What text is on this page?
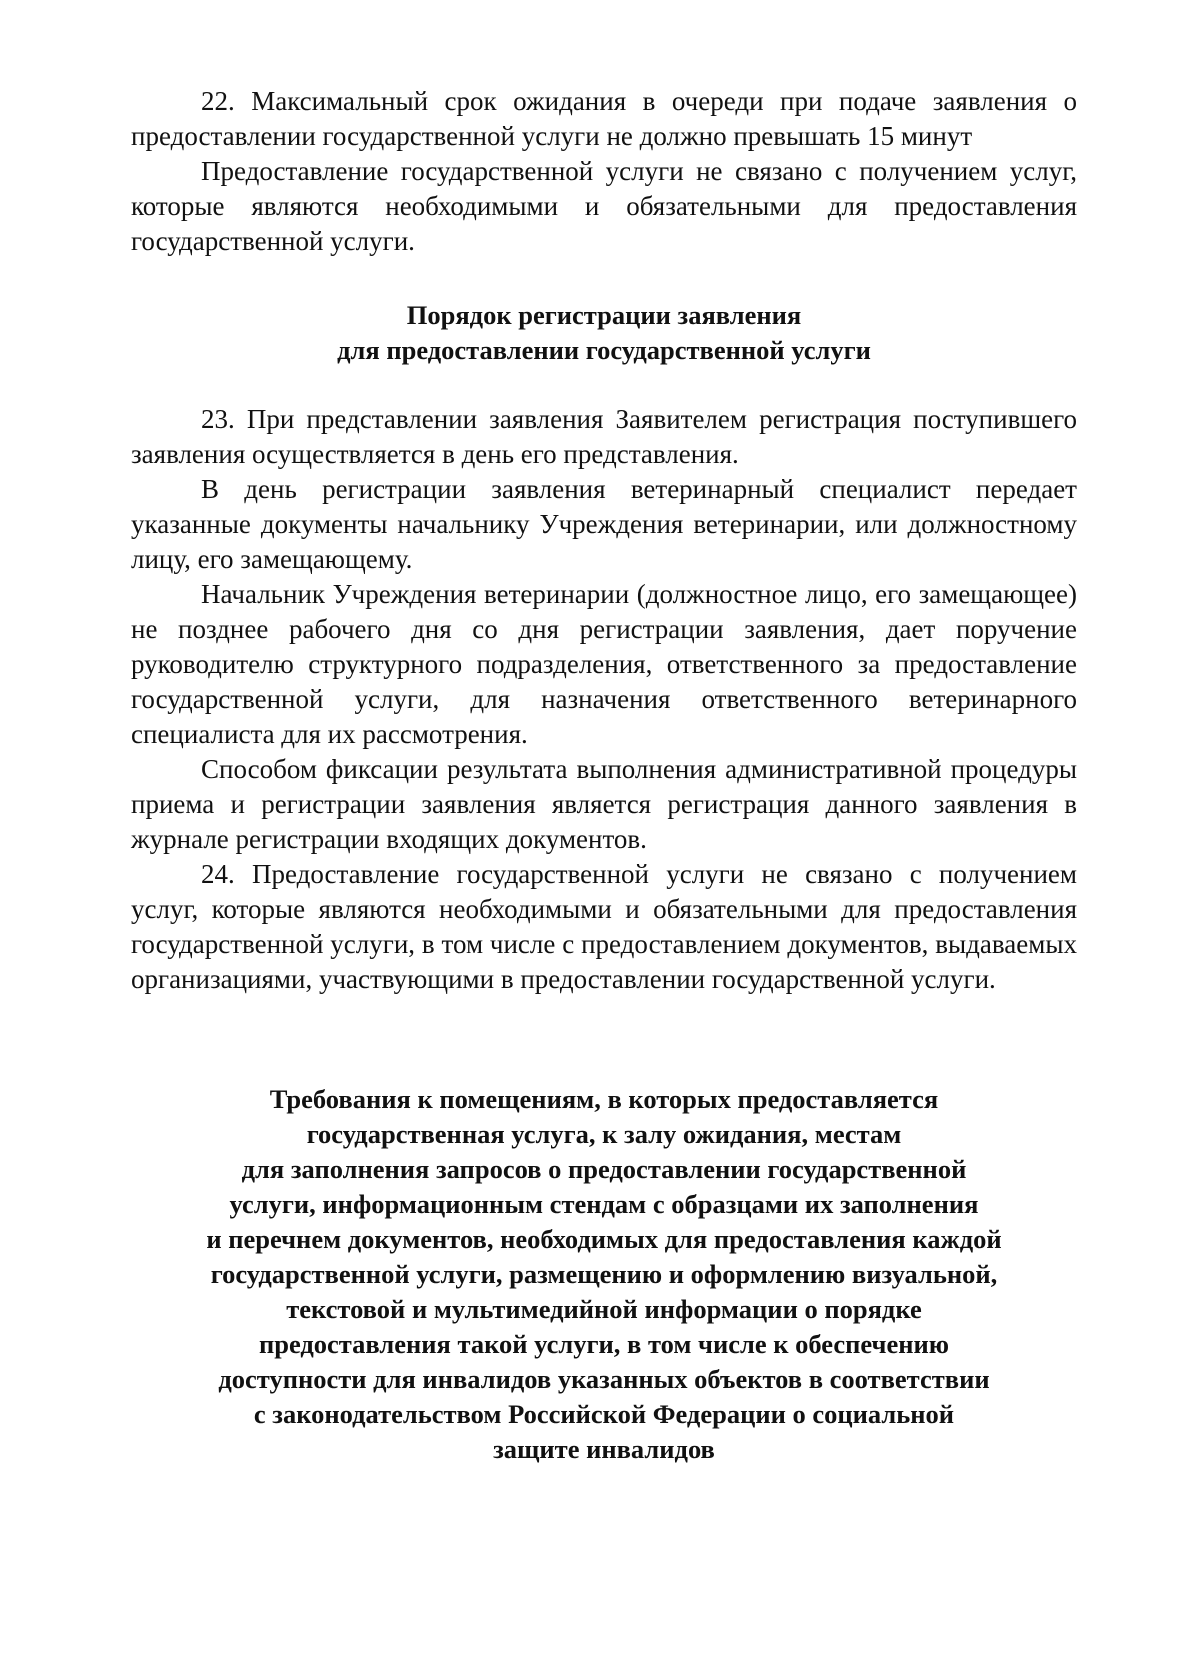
22. Максимальный срок ожидания в очереди при подаче заявления о предоставлении государственной услуги не должно превышать 15 минут

Предоставление государственной услуги не связано с получением услуг, которые являются необходимыми и обязательными для предоставления государственной услуги.

Порядок регистрации заявления
для предоставлении государственной услуги

23. При представлении заявления Заявителем регистрация поступившего заявления осуществляется в день его представления.

В день регистрации заявления ветеринарный специалист передает указанные документы начальнику Учреждения ветеринарии, или должностному лицу, его замещающему.

Начальник Учреждения ветеринарии (должностное лицо, его замещающее) не позднее рабочего дня со дня регистрации заявления, дает поручение руководителю структурного подразделения, ответственного за предоставление государственной услуги, для назначения ответственного ветеринарного специалиста для их рассмотрения.

Способом фиксации результата выполнения административной процедуры приема и регистрации заявления является регистрация данного заявления в журнале регистрации входящих документов.

24. Предоставление государственной услуги не связано с получением услуг, которые являются необходимыми и обязательными для предоставления государственной услуги, в том числе с предоставлением документов, выдаваемых организациями, участвующими в предоставлении государственной услуги.

Требования к помещениям, в которых предоставляется
государственная услуга, к залу ожидания, местам
для заполнения запросов о предоставлении государственной
услуги, информационным стендам с образцами их заполнения
и перечнем документов, необходимых для предоставления каждой
государственной услуги, размещению и оформлению визуальной,
текстовой и мультимедийной информации о порядке
предоставления такой услуги, в том числе к обеспечению
доступности для инвалидов указанных объектов в соответствии
с законодательством Российской Федерации о социальной
защите инвалидов
